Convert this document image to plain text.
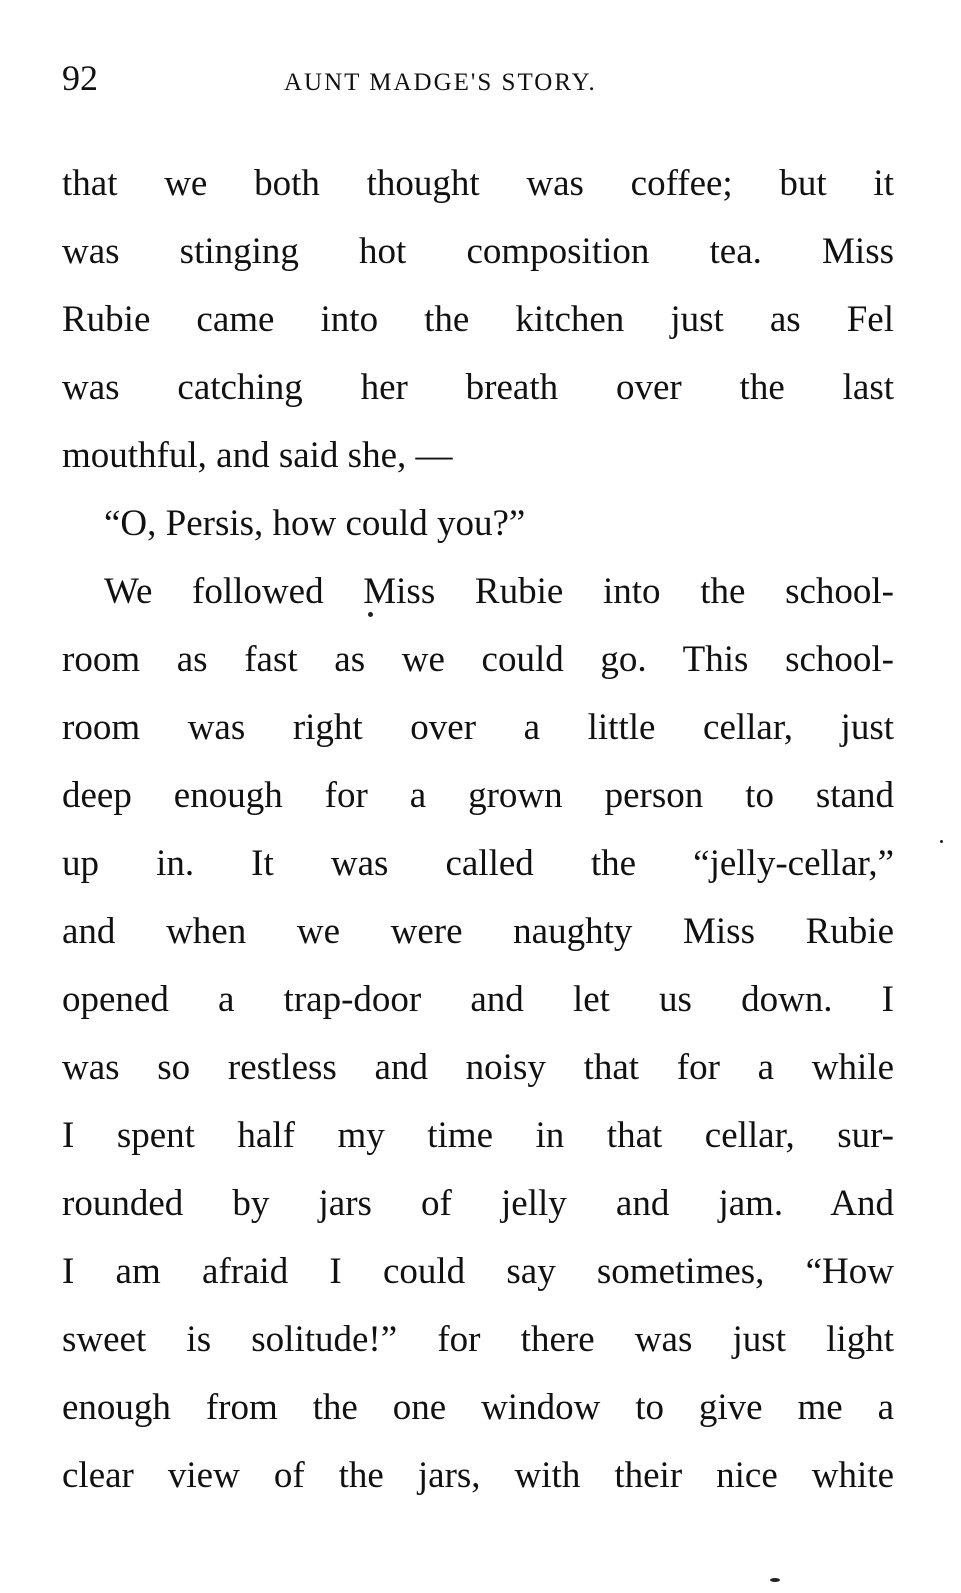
92	AUNT MADGE'S STORY.
that we both thought was coffee; but it
was stinging hot composition tea. Miss
Rubie came into the kitchen just as Fel
was catching her breath over the last
mouthful, and said she, —
“O, Persis, how could you?”
We followed Miss Rubie into the school-
room as fast as we could go. This school-
room was right over a little cellar, just
deep enough for a grown person to stand
up in. It was called the “jelly-cellar,”
and when we were naughty Miss Rubie
opened a trap-door and let us down. I
was so restless and noisy that for a while
I spent half my time in that cellar, sur-
rounded by jars of jelly and jam. And
I am afraid I could say sometimes, “How
sweet is solitude!” for there was just light
enough from the one window to give me a
clear view of the jars, with their nice white
